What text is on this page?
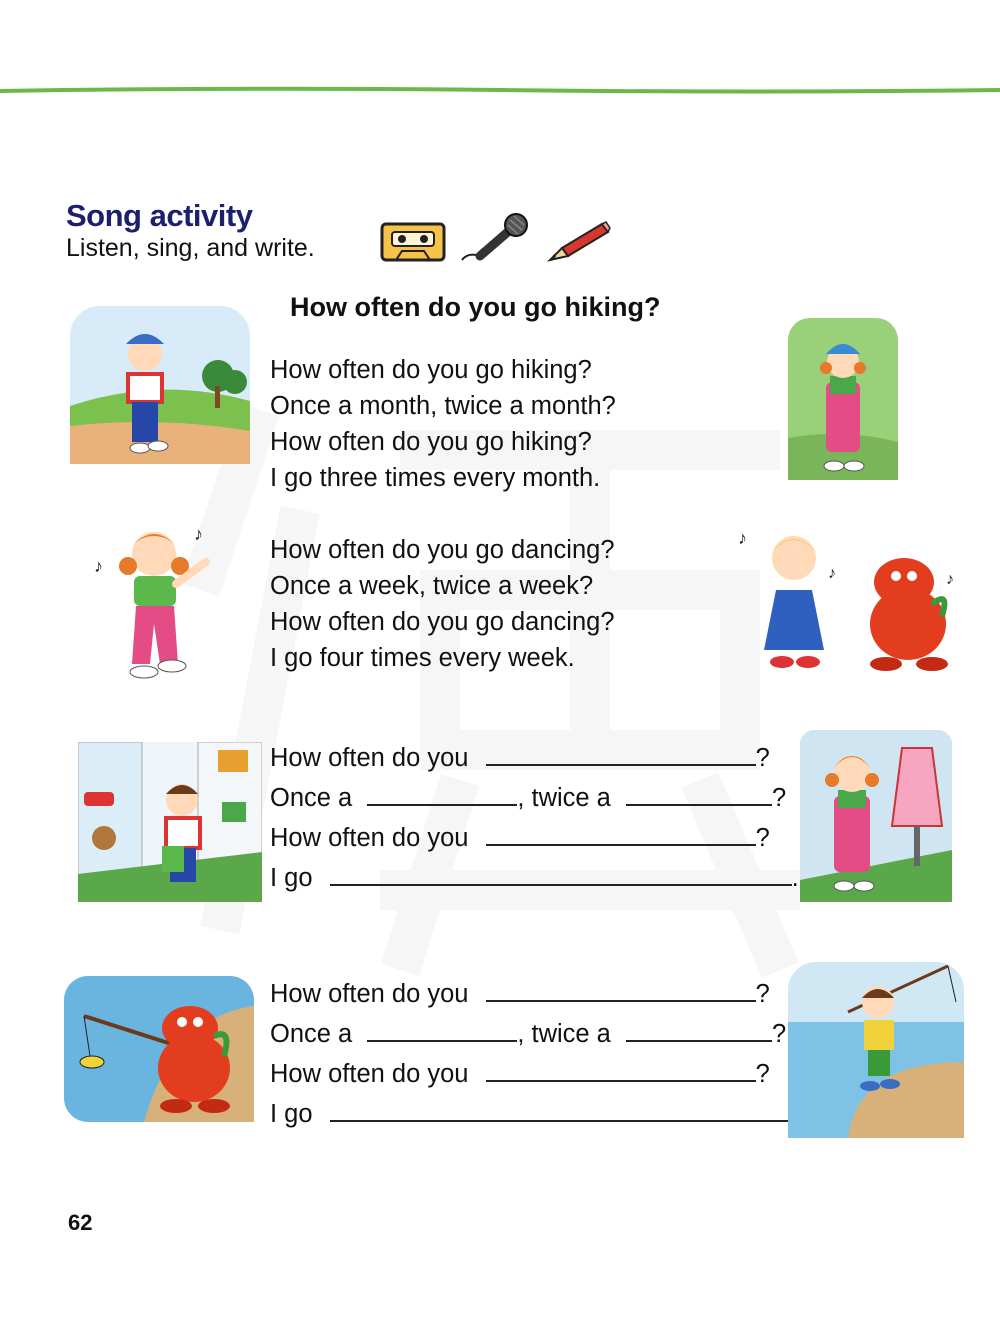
Song activity
Listen, sing, and write.
How often do you go hiking?
How often do you go hiking?
Once a month, twice a month?
How often do you go hiking?
I go three times every month.
How often do you go dancing?
Once a week, twice a week?
How often do you go dancing?
I go four times every week.
How often do you	?
Once a	, twice a	?
How often do you	?
I go	.
How often do you	?
Once a	, twice a	?
How often do you	?
I go
♪
♪	♪
♪	♪
62
